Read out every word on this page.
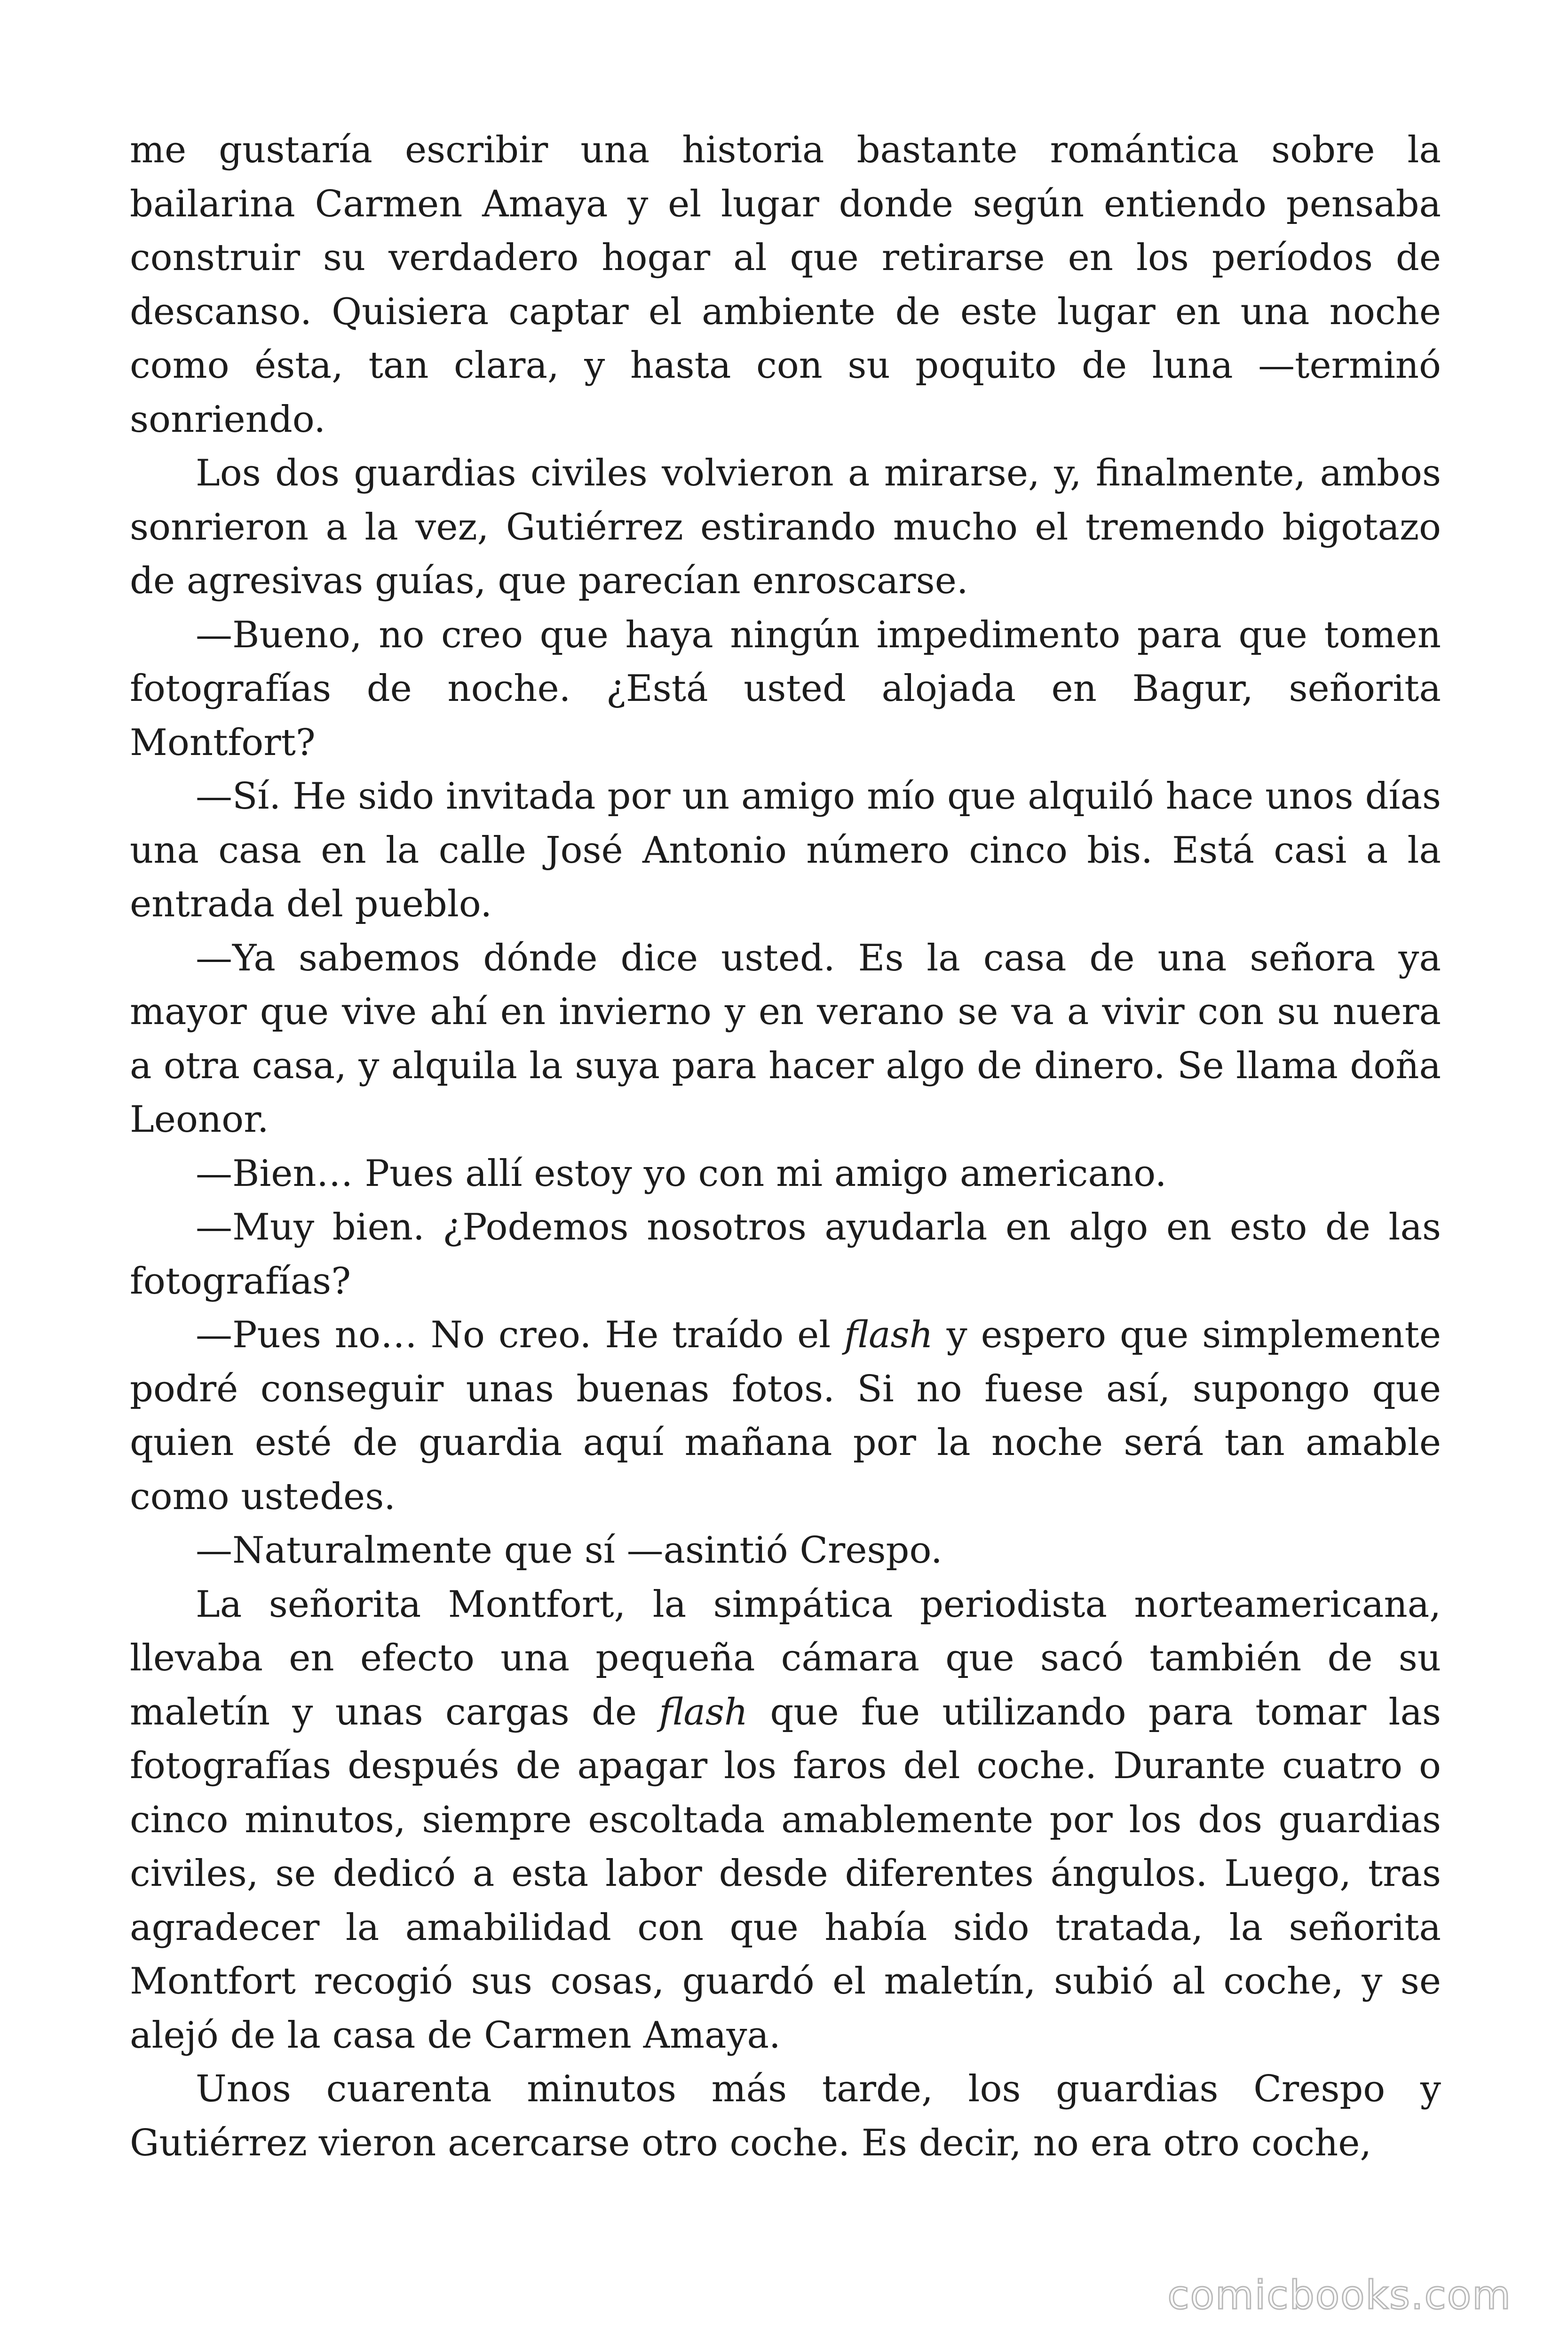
me gustaría escribir una historia bastante romántica sobre la bailarina Carmen Amaya y el lugar donde según entiendo pensaba construir su verdadero hogar al que retirarse en los períodos de descanso. Quisiera captar el ambiente de este lugar en una noche como ésta, tan clara, y hasta con su poquito de luna —terminó sonriendo.

Los dos guardias civiles volvieron a mirarse, y, finalmente, ambos sonrieron a la vez, Gutiérrez estirando mucho el tremendo bigotazo de agresivas guías, que parecían enroscarse.

—Bueno, no creo que haya ningún impedimento para que tomen fotografías de noche. ¿Está usted alojada en Bagur, señorita Montfort?

—Sí. He sido invitada por un amigo mío que alquiló hace unos días una casa en la calle José Antonio número cinco bis. Está casi a la entrada del pueblo.

—Ya sabemos dónde dice usted. Es la casa de una señora ya mayor que vive ahí en invierno y en verano se va a vivir con su nuera a otra casa, y alquila la suya para hacer algo de dinero. Se llama doña Leonor.

—Bien… Pues allí estoy yo con mi amigo americano.

—Muy bien. ¿Podemos nosotros ayudarla en algo en esto de las fotografías?

—Pues no… No creo. He traído el flash y espero que simplemente podré conseguir unas buenas fotos. Si no fuese así, supongo que quien esté de guardia aquí mañana por la noche será tan amable como ustedes.

—Naturalmente que sí —asintió Crespo.

La señorita Montfort, la simpática periodista norteamericana, llevaba en efecto una pequeña cámara que sacó también de su maletín y unas cargas de flash que fue utilizando para tomar las fotografías después de apagar los faros del coche. Durante cuatro o cinco minutos, siempre escoltada amablemente por los dos guardias civiles, se dedicó a esta labor desde diferentes ángulos. Luego, tras agradecer la amabilidad con que había sido tratada, la señorita Montfort recogió sus cosas, guardó el maletín, subió al coche, y se alejó de la casa de Carmen Amaya.

Unos cuarenta minutos más tarde, los guardias Crespo y Gutiérrez vieron acercarse otro coche. Es decir, no era otro coche,

comicbooks.com
